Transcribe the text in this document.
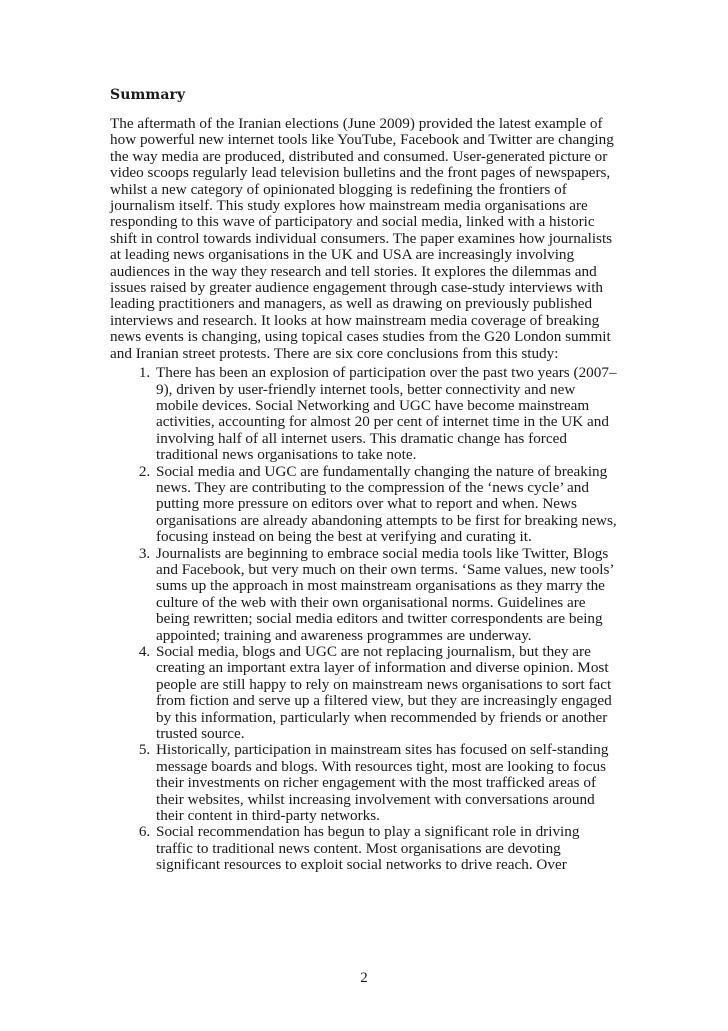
Summary

The aftermath of the Iranian elections (June 2009) provided the latest example of how powerful new internet tools like YouTube, Facebook and Twitter are changing the way media are produced, distributed and consumed. User-generated picture or video scoops regularly lead television bulletins and the front pages of newspapers, whilst a new category of opinionated blogging is redefining the frontiers of journalism itself. This study explores how mainstream media organisations are responding to this wave of participatory and social media, linked with a historic shift in control towards individual consumers. The paper examines how journalists at leading news organisations in the UK and USA are increasingly involving audiences in the way they research and tell stories. It explores the dilemmas and issues raised by greater audience engagement through case-study interviews with leading practitioners and managers, as well as drawing on previously published interviews and research. It looks at how mainstream media coverage of breaking news events is changing, using topical cases studies from the G20 London summit and Iranian street protests. There are six core conclusions from this study:

1. There has been an explosion of participation over the past two years (2007–9), driven by user-friendly internet tools, better connectivity and new mobile devices. Social Networking and UGC have become mainstream activities, accounting for almost 20 per cent of internet time in the UK and involving half of all internet users. This dramatic change has forced traditional news organisations to take note.
2. Social media and UGC are fundamentally changing the nature of breaking news. They are contributing to the compression of the ‘news cycle’ and putting more pressure on editors over what to report and when. News organisations are already abandoning attempts to be first for breaking news, focusing instead on being the best at verifying and curating it.
3. Journalists are beginning to embrace social media tools like Twitter, Blogs and Facebook, but very much on their own terms. ‘Same values, new tools’ sums up the approach in most mainstream organisations as they marry the culture of the web with their own organisational norms. Guidelines are being rewritten; social media editors and twitter correspondents are being appointed; training and awareness programmes are underway.
4. Social media, blogs and UGC are not replacing journalism, but they are creating an important extra layer of information and diverse opinion. Most people are still happy to rely on mainstream news organisations to sort fact from fiction and serve up a filtered view, but they are increasingly engaged by this information, particularly when recommended by friends or another trusted source.
5. Historically, participation in mainstream sites has focused on self-standing message boards and blogs. With resources tight, most are looking to focus their investments on richer engagement with the most trafficked areas of their websites, whilst increasing involvement with conversations around their content in third-party networks.
6. Social recommendation has begun to play a significant role in driving traffic to traditional news content. Most organisations are devoting significant resources to exploit social networks to drive reach. Over
2
